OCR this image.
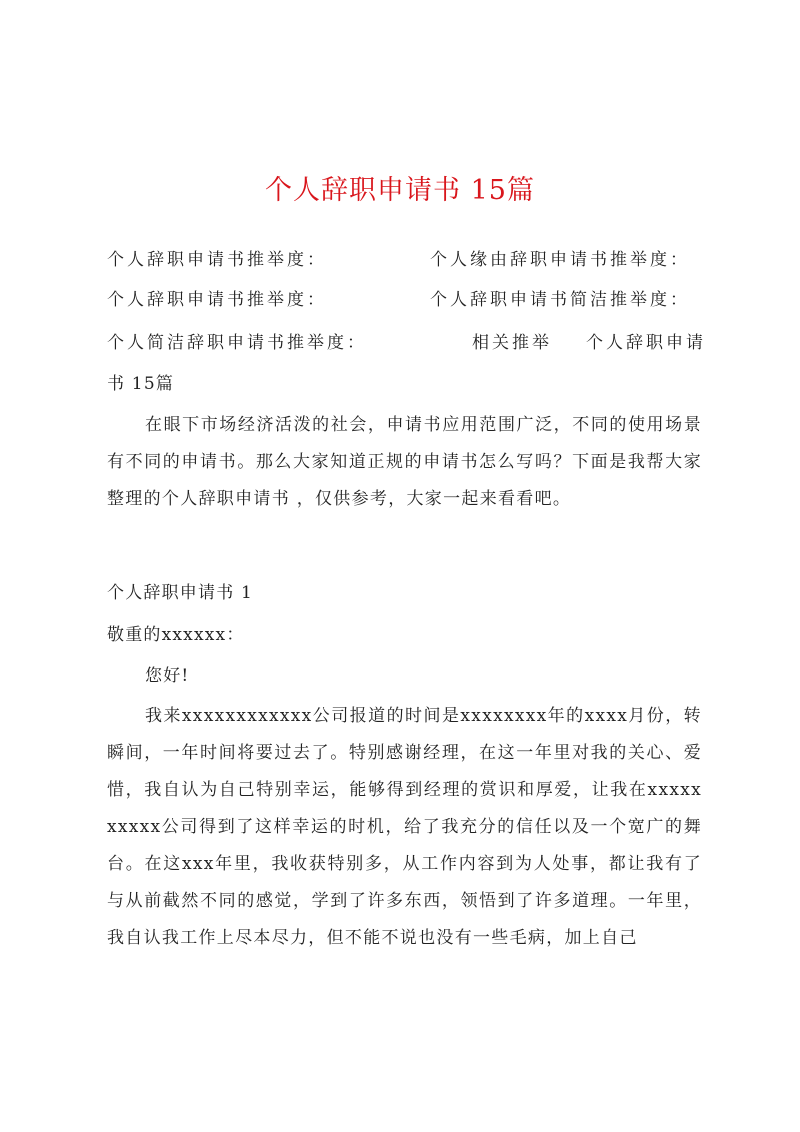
个人辞职申请书 15篇
个人辞职申请书推举度：	个人缘由辞职申请书推举度：
个人辞职申请书推举度：	个人辞职申请书简洁推举度：
个人简洁辞职申请书推举度：	相关推举 个人辞职申请
书 15篇
在眼下市场经济活泼的社会，申请书应用范围广泛，不同的使用场景有不同的申请书。那么大家知道正规的申请书怎么写吗？下面是我帮大家整理的个人辞职申请书 ，仅供参考，大家一起来看看吧。
个人辞职申请书 1
敬重的xxxxxx：
您好!
我来xxxxxxxxxxxx公司报道的时间是xxxxxxxx年的xxxx月份，转瞬间，一年时间将要过去了。特别感谢经理，在这一年里对我的关心、爱惜，我自认为自己特别幸运，能够得到经理的赏识和厚爱，让我在xxxxxxxxxx公司得到了这样幸运的时机，给了我充分的信任以及一个宽广的舞台。在这xxx年里，我收获特别多，从工作内容到为人处事，都让我有了与从前截然不同的感觉，学到了许多东西，领悟到了许多道理。一年里，我自认我工作上尽本尽力，但不能不说也没有一些毛病，加上自己
